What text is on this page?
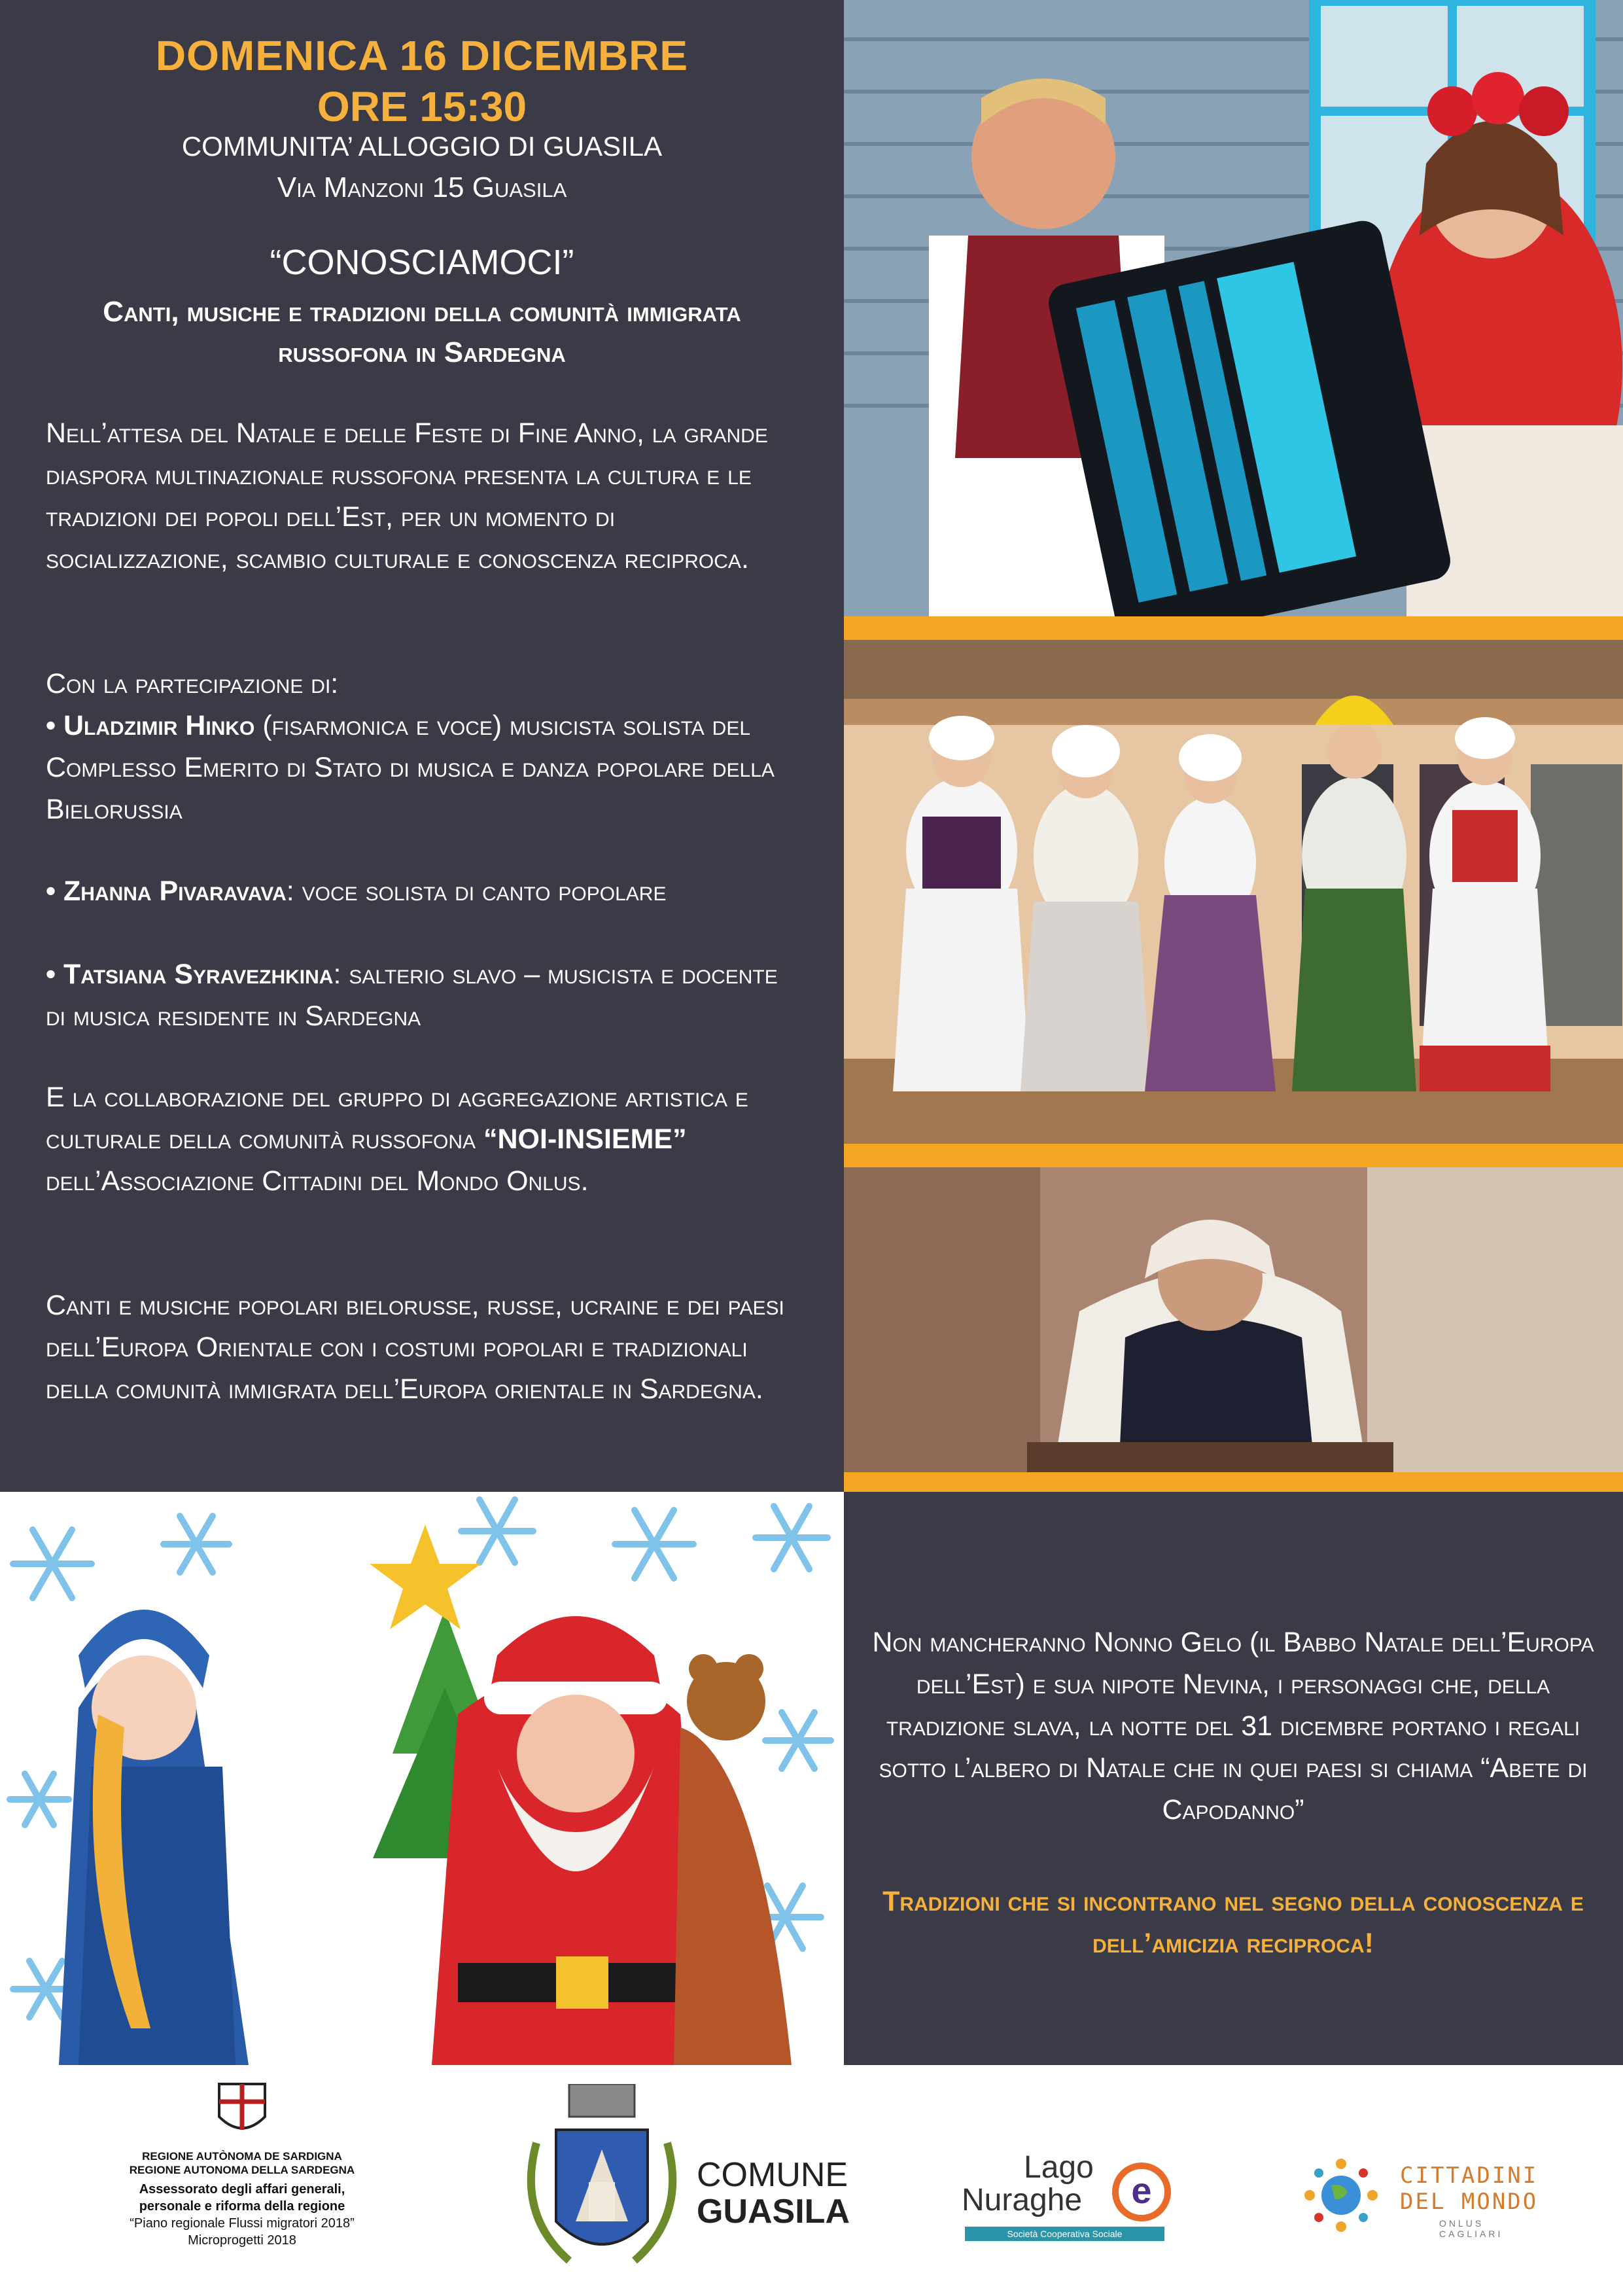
DOMENICA 16 DICEMBRE
ORE 15:30
COMMUNITA’ ALLOGGIO DI GUASILA
Via Manzoni 15 Guasila
“CONOSCIAMOCI”
Canti, musiche e tradizioni della comunità immigrata russofona in Sardegna
Nell’attesa del Natale e delle Feste di Fine Anno, la grande diaspora multinazionale russofona presenta la cultura e le tradizioni dei popoli dell’Est, per un momento di socializzazione, scambio culturale e conoscenza reciproca.
Con la partecipazione di:
• Uladzimir Hinko (fisarmonica e voce) musicista solista del Complesso Emerito di Stato di musica e danza popolare della Bielorussia
• Zhanna Pivaravava: voce solista di canto popolare
• Tatsiana Syravezhkina: salterio slavo – musicista e docente di musica residente in Sardegna
E la collaborazione del gruppo di aggregazione artistica e culturale della comunità russofona “NOI-INSIEME” dell’Associazione Cittadini del Mondo Onlus.
Canti e musiche popolari bielorusse, russe, ucraine e dei paesi dell’Europa Orientale con i costumi popolari e tradizionali della comunità immigrata dell’Europa orientale in Sardegna.
Non mancheranno Nonno Gelo (il Babbo Natale dell’Europa dell’Est) e sua nipote Nevina, i personaggi che, della tradizione slava, la notte del 31 dicembre portano i regali sotto l’albero di Natale che in quei paesi si chiama “Abete di Capodanno”
Tradizioni che si incontrano nel segno della conoscenza e dell’amicizia reciproca!
REGIONE AUTÒNOMA DE SARDIGNA
REGIONE AUTONOMA DELLA SARDEGNA
Assessorato degli affari generali,
personale e riforma della regione
“Piano regionale Flussi migratori 2018”
Microprogetti 2018
COMUNE
GUASILA
Lago
Nuraghe	e
Società Cooperativa Sociale
CITTADINI
DEL MONDO
ONLUS CAGLIARI
